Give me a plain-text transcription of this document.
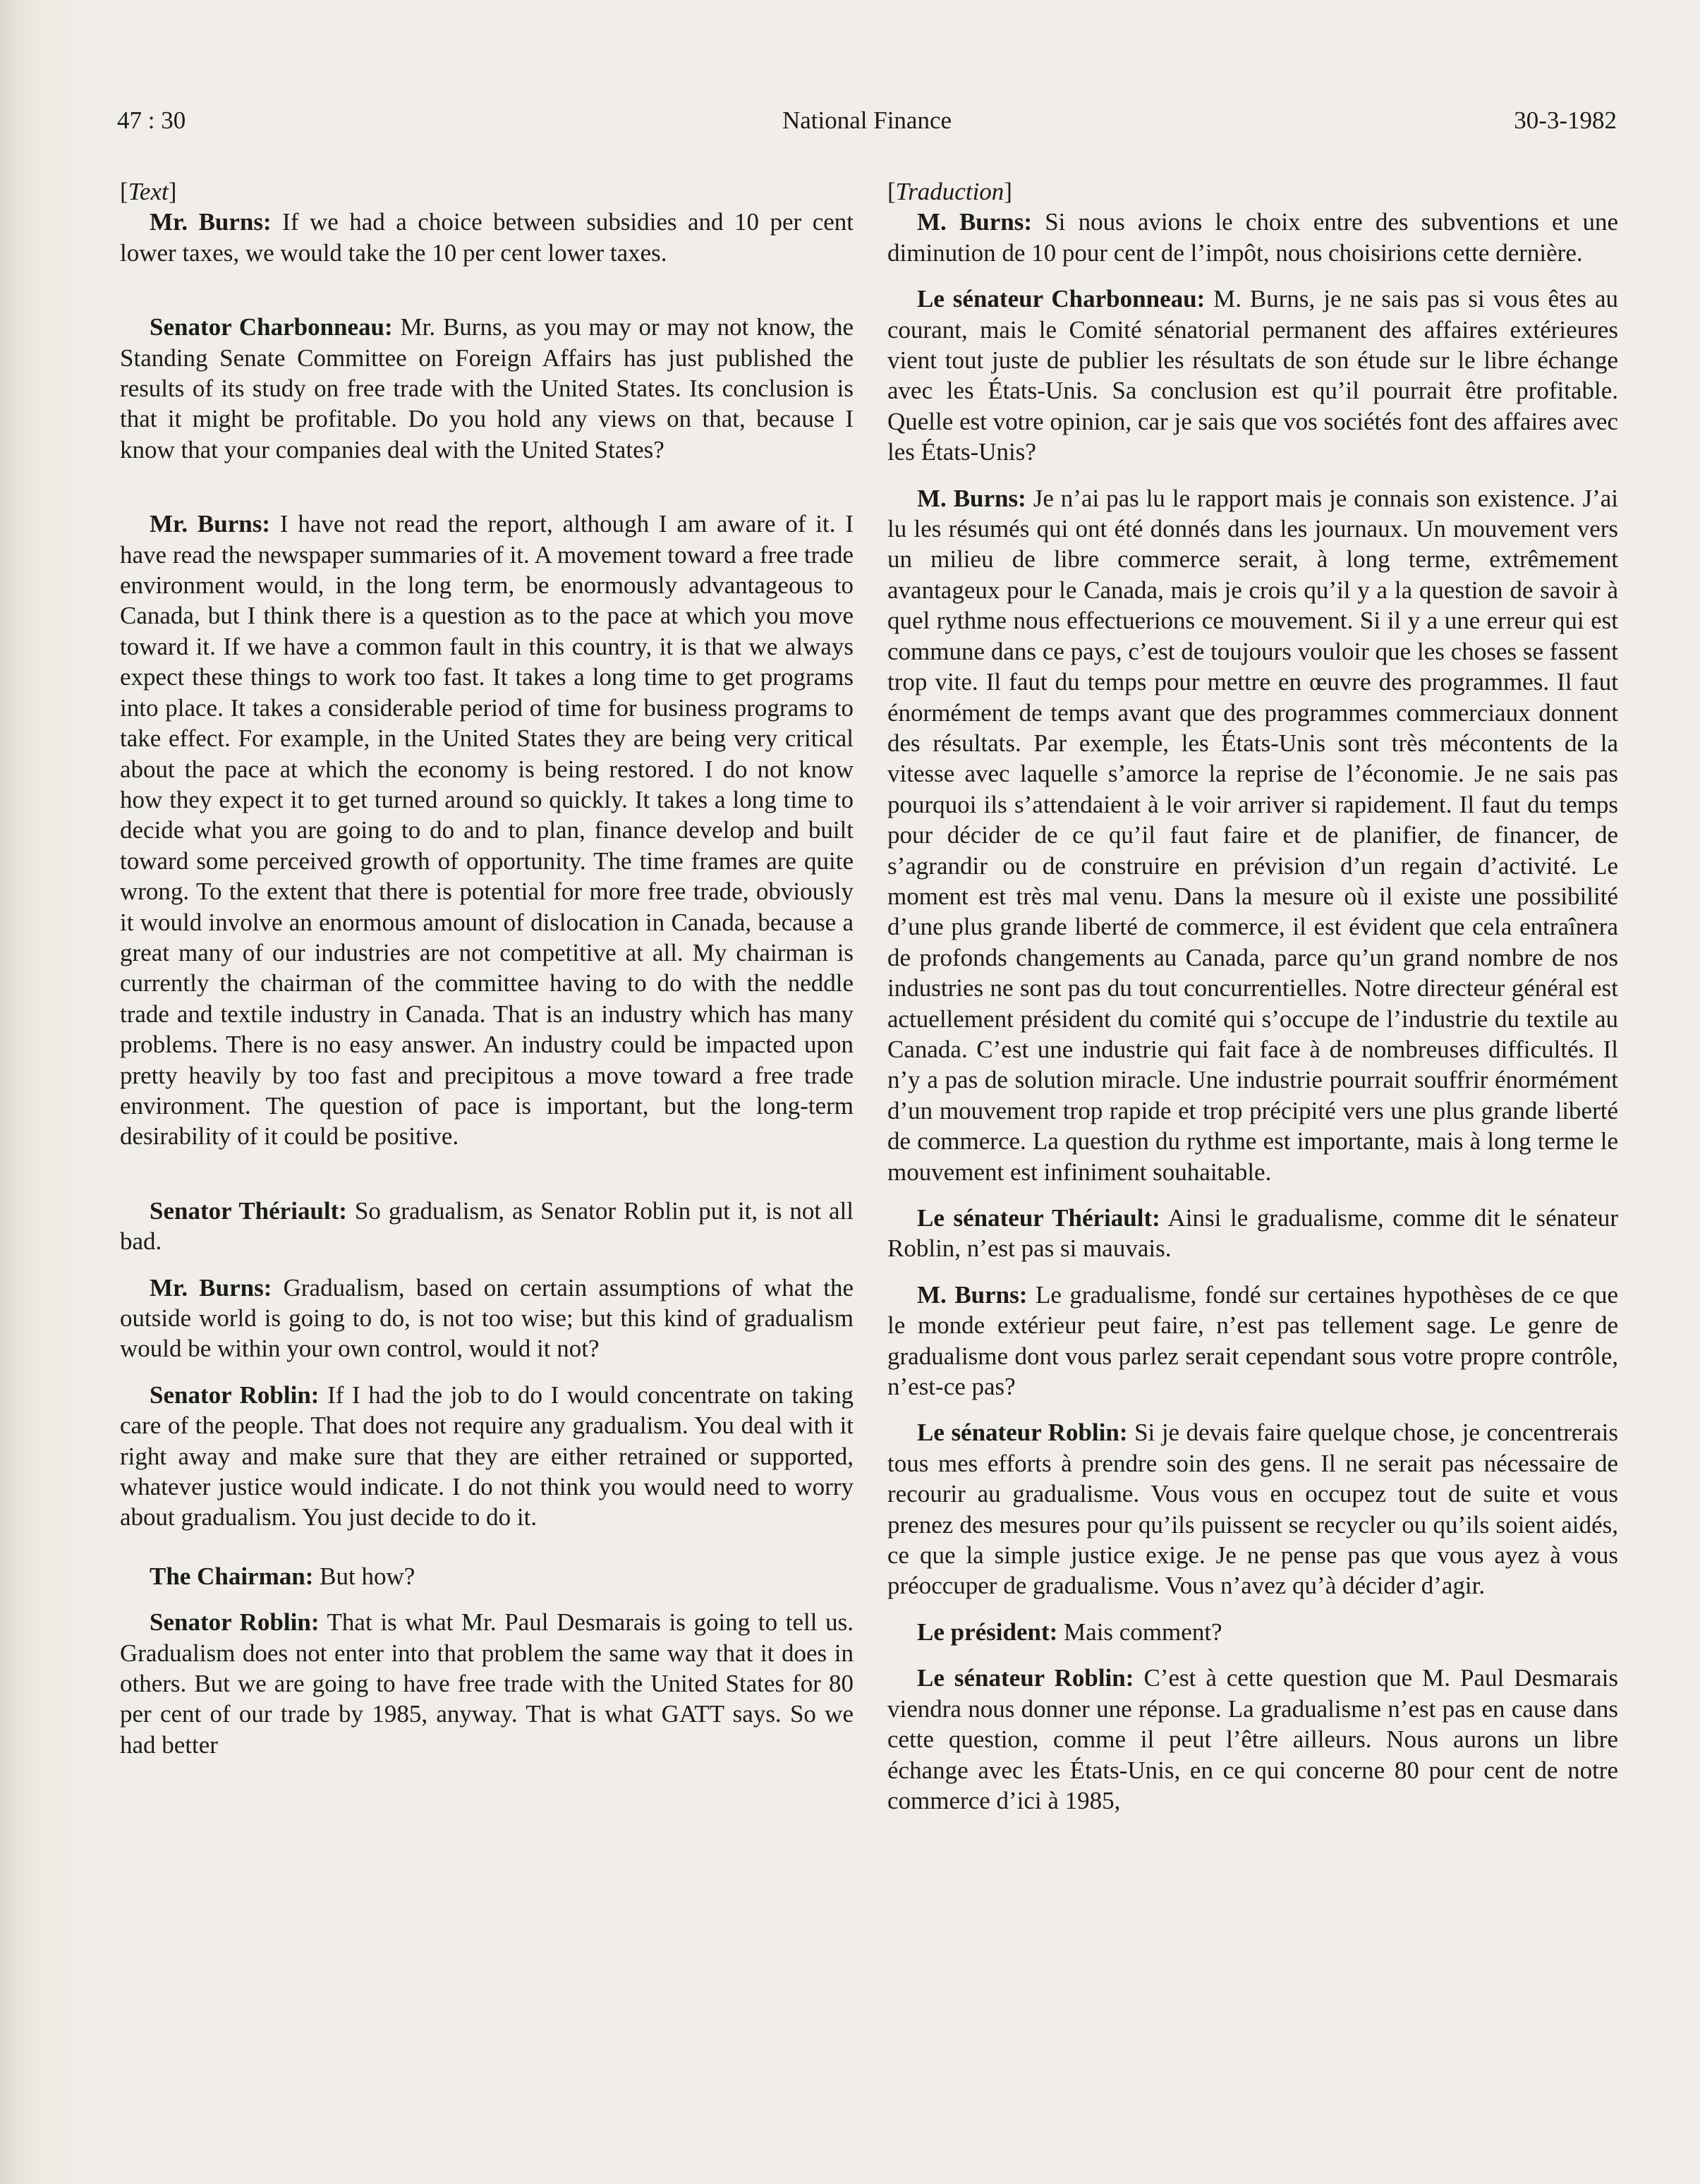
47 : 30	National Finance	30-3-1982

[Text]

Mr. Burns: If we had a choice between subsidies and 10 per cent lower taxes, we would take the 10 per cent lower taxes.

Senator Charbonneau: Mr. Burns, as you may or may not know, the Standing Senate Committee on Foreign Affairs has just published the results of its study on free trade with the United States. Its conclusion is that it might be profitable. Do you hold any views on that, because I know that your companies deal with the United States?

Mr. Burns: I have not read the report, although I am aware of it. I have read the newspaper summaries of it. A movement toward a free trade environment would, in the long term, be enormously advantageous to Canada, but I think there is a question as to the pace at which you move toward it. If we have a common fault in this country, it is that we always expect these things to work too fast. It takes a long time to get programs into place. It takes a considerable period of time for business programs to take effect. For example, in the United States they are being very critical about the pace at which the economy is being restored. I do not know how they expect it to get turned around so quickly. It takes a long time to decide what you are going to do and to plan, finance develop and built toward some perceived growth of opportunity. The time frames are quite wrong. To the extent that there is potential for more free trade, obviously it would involve an enormous amount of dislocation in Canada, because a great many of our industries are not competitive at all. My chairman is currently the chairman of the committee having to do with the neddle trade and textile industry in Canada. That is an industry which has many problems. There is no easy answer. An industry could be impacted upon pretty heavily by too fast and precipitous a move toward a free trade environment. The question of pace is important, but the long-term desirability of it could be positive.

Senator Thériault: So gradualism, as Senator Roblin put it, is not all bad.

Mr. Burns: Gradualism, based on certain assumptions of what the outside world is going to do, is not too wise; but this kind of gradualism would be within your own control, would it not?

Senator Roblin: If I had the job to do I would concentrate on taking care of the people. That does not require any gradualism. You deal with it right away and make sure that they are either retrained or supported, whatever justice would indicate. I do not think you would need to worry about gradualism. You just decide to do it.

The Chairman: But how?

Senator Roblin: That is what Mr. Paul Desmarais is going to tell us. Gradualism does not enter into that problem the same way that it does in others. But we are going to have free trade with the United States for 80 per cent of our trade by 1985, anyway. That is what GATT says. So we had better

[Traduction]

M. Burns: Si nous avions le choix entre des subventions et une diminution de 10 pour cent de l’impôt, nous choisirions cette dernière.

Le sénateur Charbonneau: M. Burns, je ne sais pas si vous êtes au courant, mais le Comité sénatorial permanent des affaires extérieures vient tout juste de publier les résultats de son étude sur le libre échange avec les États-Unis. Sa conclusion est qu’il pourrait être profitable. Quelle est votre opinion, car je sais que vos sociétés font des affaires avec les États-Unis?

M. Burns: Je n’ai pas lu le rapport mais je connais son existence. J’ai lu les résumés qui ont été donnés dans les journaux. Un mouvement vers un milieu de libre commerce serait, à long terme, extrêmement avantageux pour le Canada, mais je crois qu’il y a la question de savoir à quel rythme nous effectuerions ce mouvement. Si il y a une erreur qui est commune dans ce pays, c’est de toujours vouloir que les choses se fassent trop vite. Il faut du temps pour mettre en œuvre des programmes. Il faut énormément de temps avant que des programmes commerciaux donnent des résultats. Par exemple, les États-Unis sont très mécontents de la vitesse avec laquelle s’amorce la reprise de l’économie. Je ne sais pas pourquoi ils s’attendaient à le voir arriver si rapidement. Il faut du temps pour décider de ce qu’il faut faire et de planifier, de financer, de s’agrandir ou de construire en prévision d’un regain d’activité. Le moment est très mal venu. Dans la mesure où il existe une possibilité d’une plus grande liberté de commerce, il est évident que cela entraînera de profonds changements au Canada, parce qu’un grand nombre de nos industries ne sont pas du tout concurrentielles. Notre directeur général est actuellement président du comité qui s’occupe de l’industrie du textile au Canada. C’est une industrie qui fait face à de nombreuses difficultés. Il n’y a pas de solution miracle. Une industrie pourrait souffrir énormément d’un mouvement trop rapide et trop précipité vers une plus grande liberté de commerce. La question du rythme est importante, mais à long terme le mouvement est infiniment souhaitable.

Le sénateur Thériault: Ainsi le gradualisme, comme dit le sénateur Roblin, n’est pas si mauvais.

M. Burns: Le gradualisme, fondé sur certaines hypothèses de ce que le monde extérieur peut faire, n’est pas tellement sage. Le genre de gradualisme dont vous parlez serait cependant sous votre propre contrôle, n’est-ce pas?

Le sénateur Roblin: Si je devais faire quelque chose, je concentrerais tous mes efforts à prendre soin des gens. Il ne serait pas nécessaire de recourir au gradualisme. Vous vous en occupez tout de suite et vous prenez des mesures pour qu’ils puissent se recycler ou qu’ils soient aidés, ce que la simple justice exige. Je ne pense pas que vous ayez à vous préoccuper de gradualisme. Vous n’avez qu’à décider d’agir.

Le président: Mais comment?

Le sénateur Roblin: C’est à cette question que M. Paul Desmarais viendra nous donner une réponse. La gradualisme n’est pas en cause dans cette question, comme il peut l’être ailleurs. Nous aurons un libre échange avec les États-Unis, en ce qui concerne 80 pour cent de notre commerce d’ici à 1985,
